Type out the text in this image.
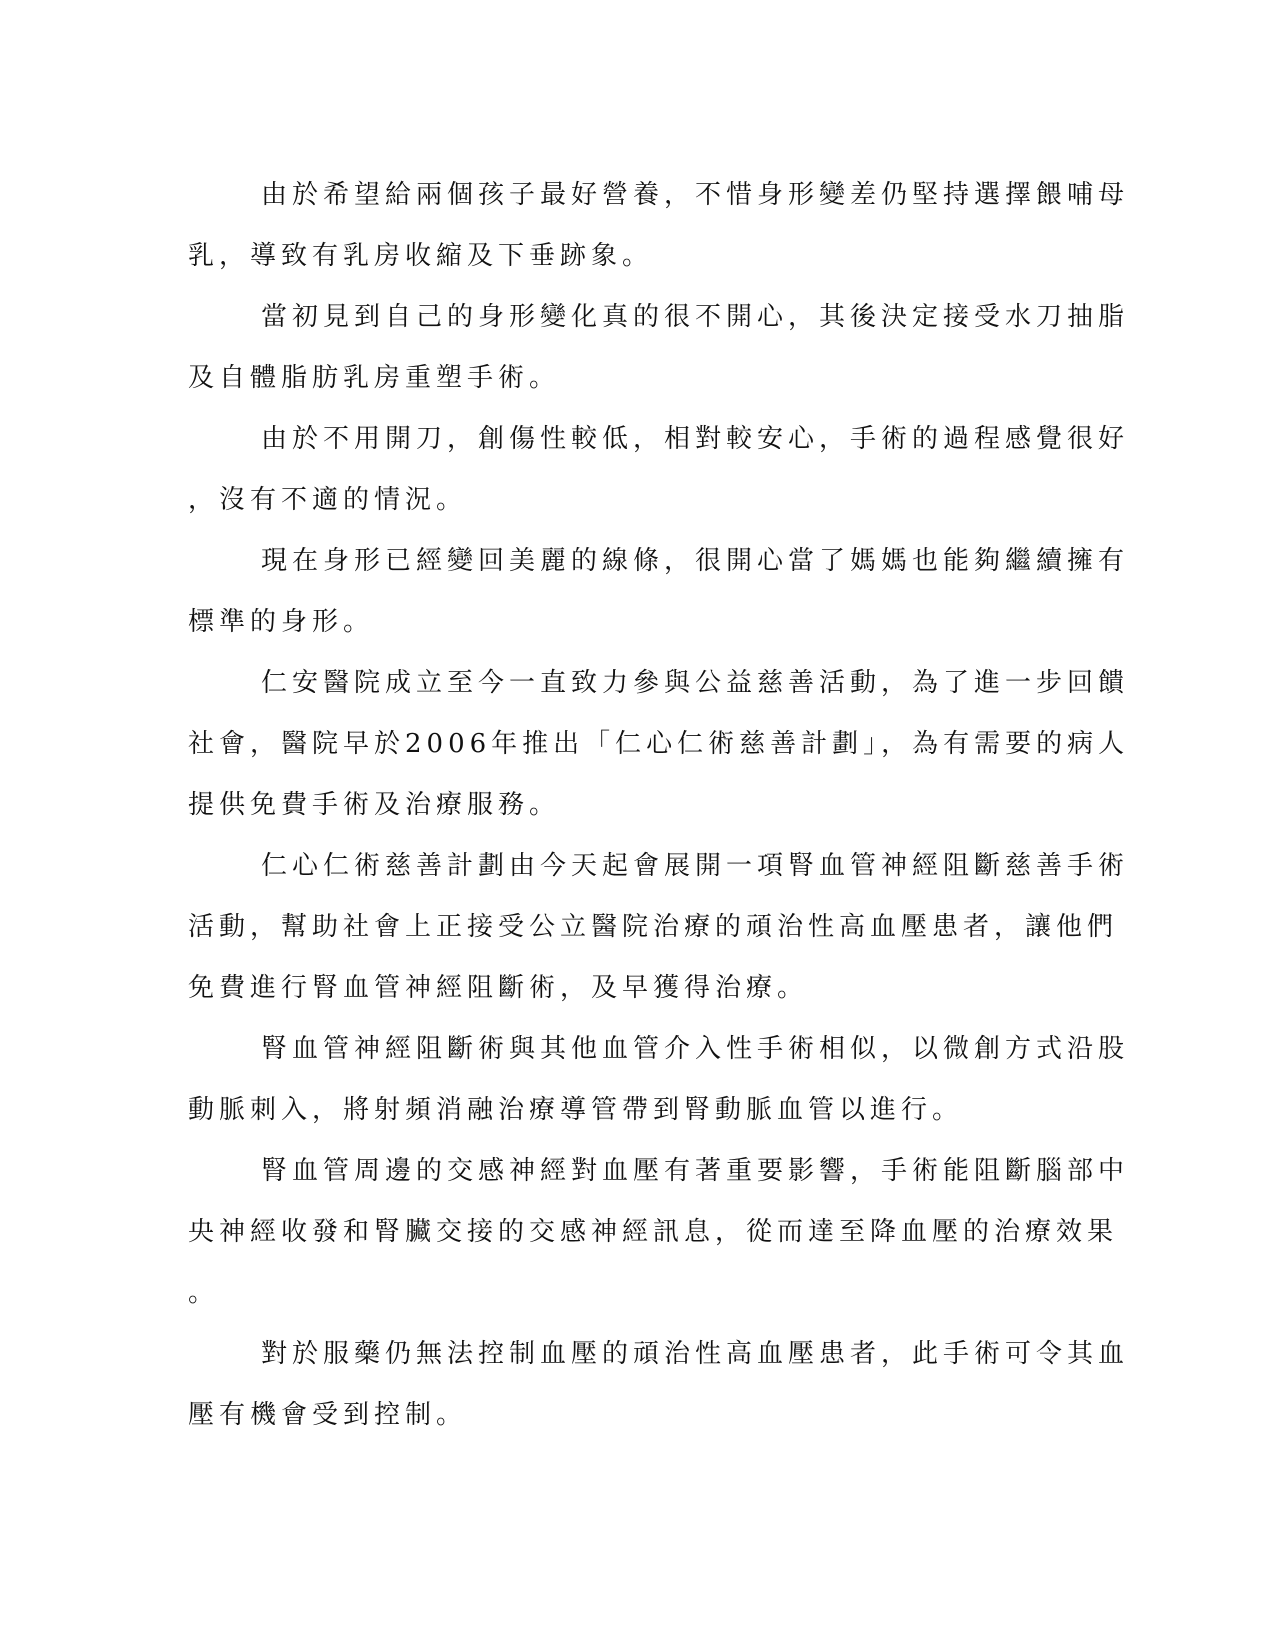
由於希望給兩個孩子最好營養，不惜身形變差仍堅持選擇餵哺母
乳，導致有乳房收縮及下垂跡象。
當初見到自己的身形變化真的很不開心，其後決定接受水刀抽脂
及自體脂肪乳房重塑手術。
由於不用開刀，創傷性較低，相對較安心，手術的過程感覺很好
，沒有不適的情況。
現在身形已經變回美麗的線條，很開心當了媽媽也能夠繼續擁有
標準的身形。
仁安醫院成立至今一直致力參與公益慈善活動，為了進一步回饋
社會，醫院早於2006年推出「仁心仁術慈善計劃」，為有需要的病人
提供免費手術及治療服務。
仁心仁術慈善計劃由今天起會展開一項腎血管神經阻斷慈善手術
活動，幫助社會上正接受公立醫院治療的頑治性高血壓患者，讓他們
免費進行腎血管神經阻斷術，及早獲得治療。
腎血管神經阻斷術與其他血管介入性手術相似，以微創方式沿股
動脈刺入，將射頻消融治療導管帶到腎動脈血管以進行。
腎血管周邊的交感神經對血壓有著重要影響，手術能阻斷腦部中
央神經收發和腎臟交接的交感神經訊息，從而達至降血壓的治療效果
。
對於服藥仍無法控制血壓的頑治性高血壓患者，此手術可令其血
壓有機會受到控制。
